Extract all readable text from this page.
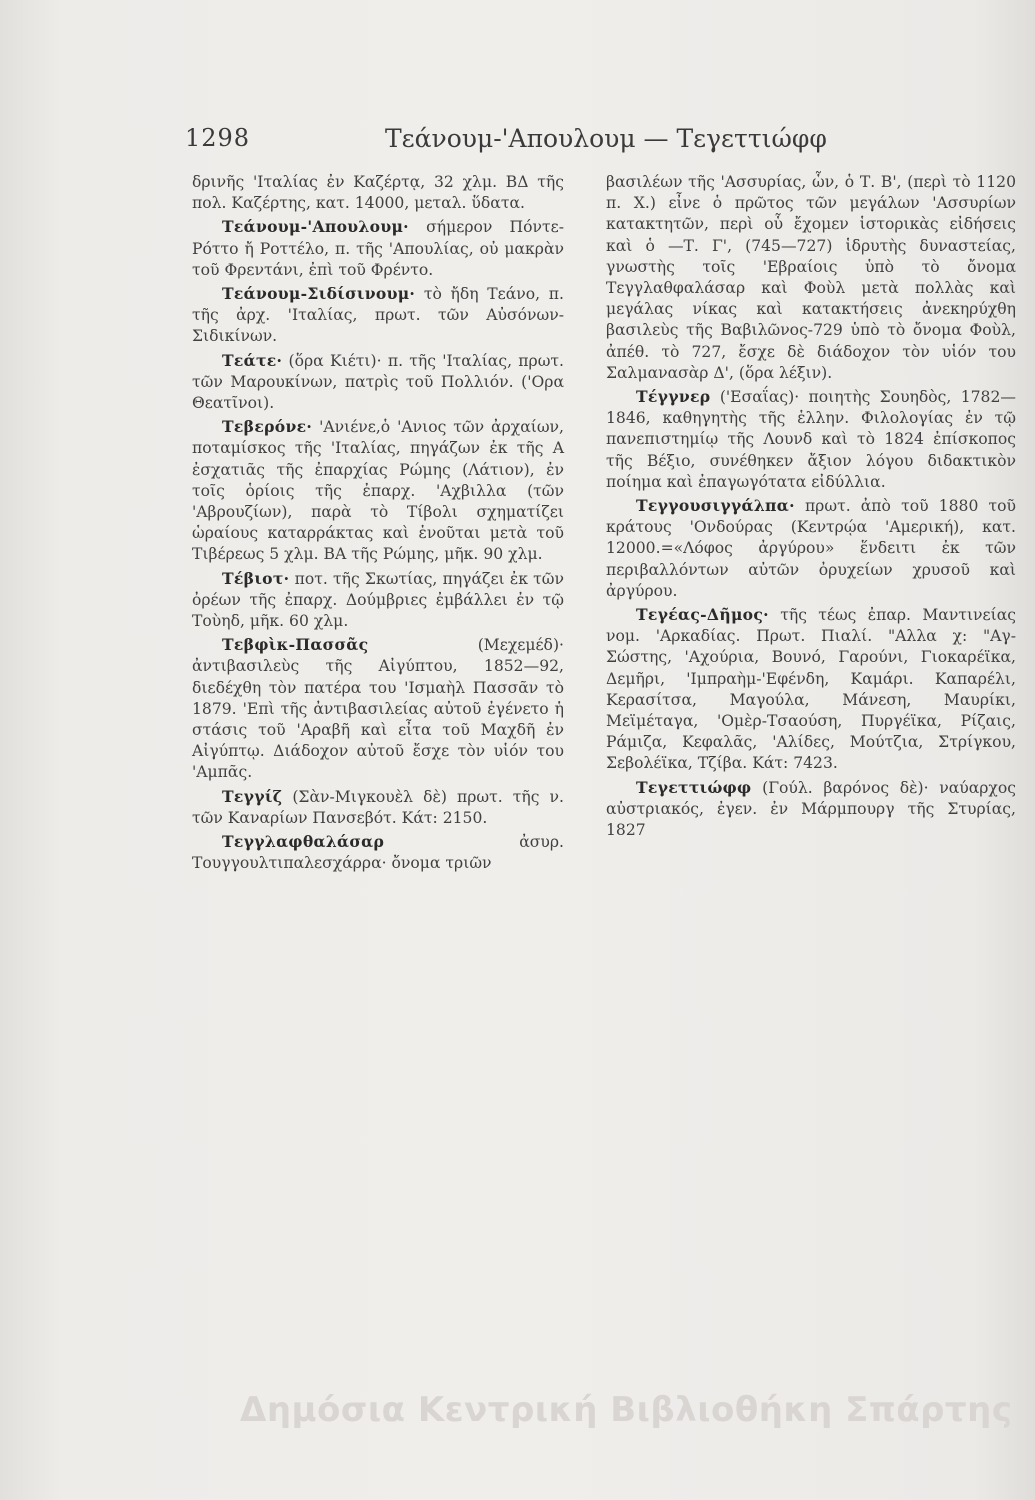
1298	Τεάνουμ-'Απουλουμ — Τεγεττιώφφ

δρινῆς 'Ιταλίας ἐν Καζέρτᾳ, 32 χλμ. ΒΔ τῆς πολ. Καζέρτης, κατ. 14000, μεταλ. ὕδατα.

Τεάνουμ-'Απουλουμ· σήμερον Πόντε-Ρόττο ἤ Ροττέλο, π. τῆς 'Απουλίας, οὐ μακρὰν τοῦ Φρεντάνι, ἐπὶ τοῦ Φρέντο.

Τεάνουμ-Σιδίσινουμ· τὸ ἤδη Τεάνο, π. τῆς ἀρχ. 'Ιταλίας, πρωτ. τῶν Αὐσόνων-Σιδικίνων.

Τεάτε· (ὅρα Κιέτι)· π. τῆς 'Ιταλίας, πρωτ. τῶν Μαρουκίνων, πατρὶς τοῦ Πολλιόν. ('Ορα Θεατῖνοι).

Τεβερόνε· 'Ανιένε,ὁ 'Ανιος τῶν ἀρχαίων, ποταμίσκος τῆς 'Ιταλίας, πηγάζων ἐκ τῆς Α ἐσχατιᾶς τῆς ἐπαρχίας Ρώμης (Λάτιον), ἐν τοῖς ὁρίοις τῆς ἐπαρχ. 'Αχβιλλα (τῶν 'Αβρουζίων), παρὰ τὸ Τίβολι σχηματίζει ὡραίους καταρράκτας καὶ ἑνοῦται μετὰ τοῦ Τιβέρεως 5 χλμ. ΒΑ τῆς Ρώμης, μῆκ. 90 χλμ.

Τέβιοτ· ποτ. τῆς Σκωτίας, πηγάζει ἐκ τῶν ὀρέων τῆς ἐπαρχ. Δούμβριες ἐμβάλλει ἐν τῷ Τοὺηδ, μῆκ. 60 χλμ.

Τεβφὶκ-Πασσᾶς	(Μεχεμέδ)· ἀντιβασιλεὺς τῆς Αἰγύπτου, 1852—92, διεδέχθη τὸν πατέρα του 'Ισμαὴλ Πασσᾶν τὸ 1879. 'Επὶ τῆς ἀντιβασιλείας αὐτοῦ ἐγένετο ἡ στάσις τοῦ 'Αραβῆ καὶ εἶτα τοῦ Μαχδῆ ἐν Αἰγύπτῳ. Διάδοχον αὐτοῦ ἔσχε τὸν υἱόν του 'Αμπᾶς.

Τεγγίζ (Σὰν-Μιγκουὲλ δὲ) πρωτ. τῆς ν. τῶν Καναρίων Πανσεβότ. Κάτ: 2150.

Τεγγλαφθαλάσαρ	ἀσυρ. Τουγγουλτιπαλεσχάρρα· ὄνομα τριῶν

βασιλέων τῆς 'Ασσυρίας, ὧν, ὁ Τ. Β', (περὶ τὸ 1120 π. Χ.) εἶνε ὁ πρῶτος τῶν μεγάλων 'Ασσυρίων κατακτητῶν, περὶ οὗ ἔχομεν ἱστορικὰς εἰδήσεις καὶ ὁ —Τ. Γ', (745—727) ἱδρυτὴς δυναστείας, γνωστὴς τοῖς 'Εβραίοις ὑπὸ τὸ ὄνομα Τεγγλαθφαλάσαρ καὶ Φοὺλ μετὰ πολλὰς καὶ μεγάλας νίκας καὶ κατακτήσεις ἀνεκηρύχθη βασιλεὺς τῆς Βαβιλῶνος-729 ὑπὸ τὸ ὄνομα Φοὺλ, ἀπέθ. τὸ 727, ἔσχε δὲ διάδοχον τὸν υἱόν του Σαλμανασὰρ Δ', (ὅρα λέξιν).

Τέγγνερ ('Εσαΐας)· ποιητὴς Σουηδὸς, 1782—1846, καθηγητὴς τῆς ἑλλην. Φιλολογίας ἐν τῷ πανεπιστημίῳ τῆς Λουνδ καὶ τὸ 1824 ἐπίσκοπος τῆς Βέξιο, συνέθηκεν ἄξιον λόγου διδακτικὸν ποίημα καὶ ἐπαγωγότατα εἰδύλλια.

Τεγγουσιγγάλπα· πρωτ. ἀπὸ τοῦ 1880 τοῦ κράτους 'Ονδούρας (Κεντρῴα 'Αμερική), κατ. 12000.=«Λόφος ἀργύρου» ἕνδειτι ἐκ τῶν περιβαλλόντων αὐτῶν ὀρυχείων χρυσοῦ καὶ ἀργύρου.

Τεγέας-Δῆμος· τῆς τέως ἐπαρ. Μαντινείας νομ. 'Αρκαδίας. Πρωτ. Πιαλί. "Αλλα χ: "Αγ-Σώστης, 'Αχούρια, Βουνό, Γαρούνι, Γιοκαρέϊκα, Δεμῆρι, 'Ιμπραὴμ-'Εφένδη, Καμάρι. Καπαρέλι, Κερασίτσα, Μαγούλα, Μάνεση, Μαυρίκι, Μεϊμέταγα, 'Ομὲρ-Τσαούση, Πυργέϊκα, Ρίζαις, Ράμιζα, Κεφαλᾶς, 'Αλίδες, Μούτζια, Στρίγκου, Σεβολέϊκα, Τζίβα. Κάτ: 7423.

Τεγεττιώφφ (Γούλ. βαρόνος δὲ)· ναύαρχος αὐστριακός, ἐγεν. ἐν Μάρμπουργ τῆς Στυρίας, 1827

Δημόσια Κεντρική Βιβλιοθήκη Σπάρτης
